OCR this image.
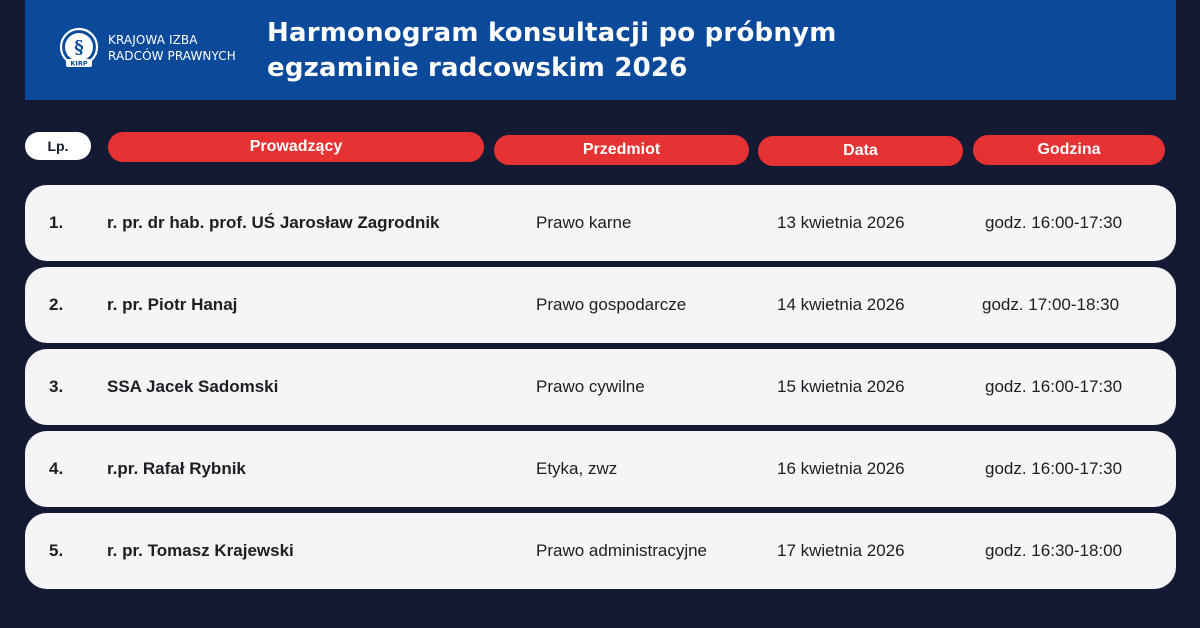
§
KIRP
KRAJOWA IZBA
RADCÓW PRAWNYCH
Harmonogram konsultacji po próbnym
egzaminie radcowskim 2026
Lp.	Prowadzący	Przedmiot	Data	Godzina
1.	r. pr. dr hab. prof. UŚ Jarosław Zagrodnik	Prawo karne	13 kwietnia 2026	godz. 16:00-17:30
2.	r. pr. Piotr Hanaj	Prawo gospodarcze	14 kwietnia 2026	godz. 17:00-18:30
3.	SSA Jacek Sadomski	Prawo cywilne	15 kwietnia 2026	godz. 16:00-17:30
4.	r.pr. Rafał Rybnik	Etyka, zwz	16 kwietnia 2026	godz. 16:00-17:30
5.	r. pr. Tomasz Krajewski	Prawo administracyjne	17 kwietnia 2026	godz. 16:30-18:00
